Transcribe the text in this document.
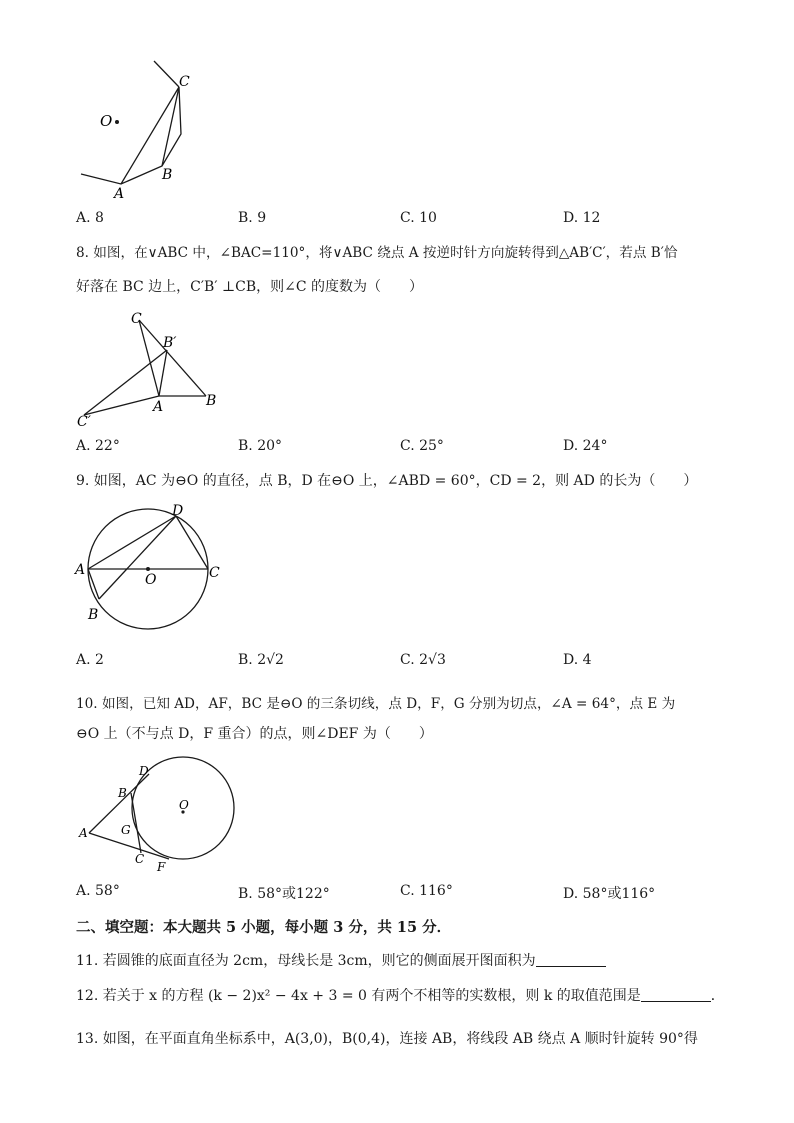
O
A
B
C
A. 8	B. 9	C. 10	D. 12
8. 如图，在∨ABC 中，∠BAC=110°，将∨ABC 绕点 A 按逆时针方向旋转得到△AB′C′，若点 B′恰
好落在 BC 边上，C′B′ ⊥CB，则∠C 的度数为（　　）
C
B′
C′
A	B
A. 22°	B. 20°	C. 25°	D. 24°
9. 如图，AC 为⊖O 的直径，点 B，D 在⊖O 上，∠ABD = 60°，CD = 2，则 AD 的长为（　　）
D
A	C
O
B
A. 2	B. 2√2	C. 2√3	D. 4
10. 如图，已知 AD，AF，BC 是⊖O 的三条切线，点 D，F，G 分别为切点，∠A = 64°，点 E 为
⊖O 上（不与点 D，F 重合）的点，则∠DEF 为（　　）
D
B
O
A	G
C
F
A. 58°	B. 58°或122°	C. 116°	D. 58°或116°
二、填空题：本大题共 5 小题，每小题 3 分，共 15 分．
11. 若圆锥的底面直径为 2cm，母线长是 3cm，则它的侧面展开图面积为
12. 若关于 x 的方程 (k − 2)x² − 4x + 3 = 0 有两个不相等的实数根，则 k 的取值范围是	．
13. 如图，在平面直角坐标系中，A(3,0)，B(0,4)，连接 AB，将线段 AB 绕点 A 顺时针旋转 90°得
